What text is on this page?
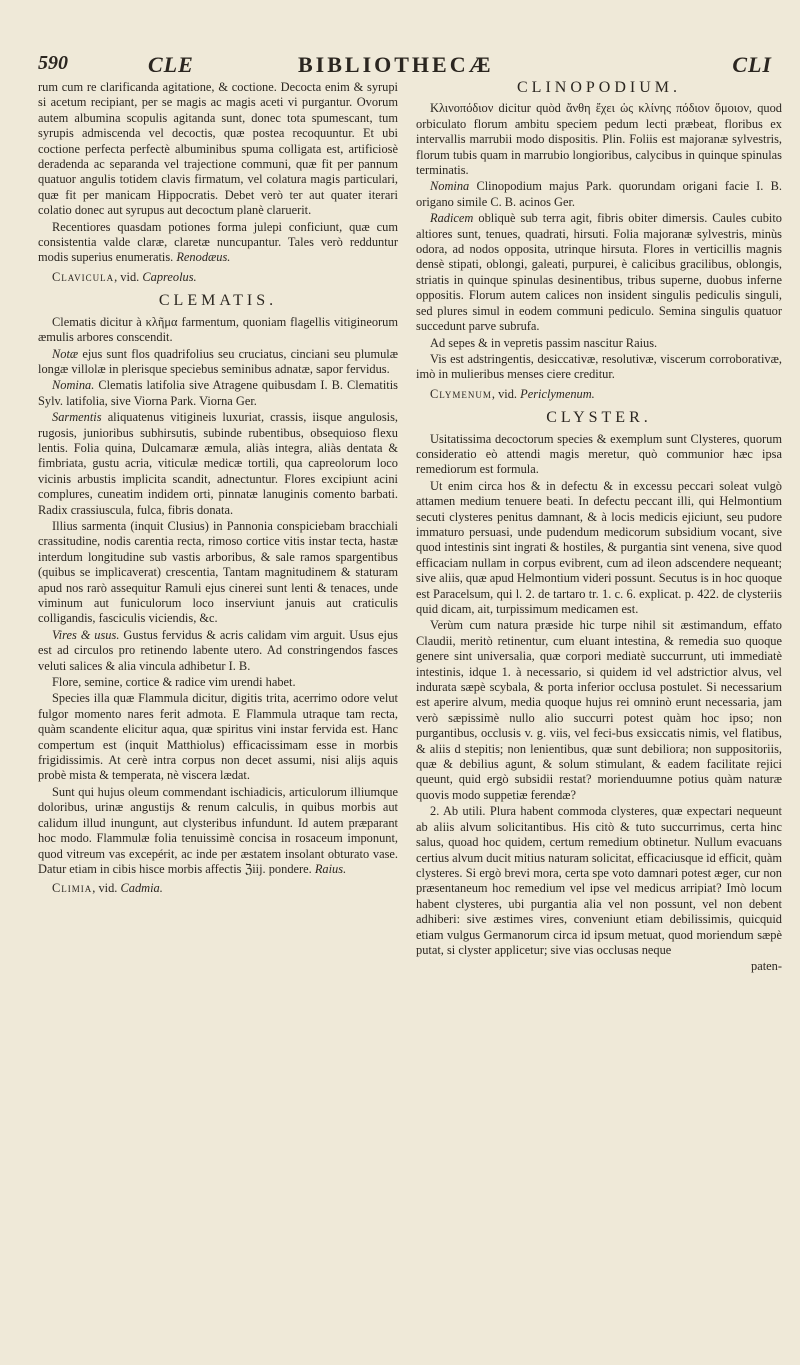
590	CLE	BIBLIOTHECÆ	CLI

rum cum re clarificanda agitatione, & coctione. Decocta enim & syrupi si acetum recipiant, per se magis ac magis aceti vi purgantur. Ovorum autem albumina scopulis agitanda sunt, donec tota spumescant, tum syrupis admiscenda vel decoctis, quæ postea recoquuntur. Et ubi coctione perfecta perfectè albuminibus spuma colligata est, artificiosè deradenda ac separanda vel trajectione communi, quæ fit per pannum quatuor angulis totidem clavis firmatum, vel colatura magis particulari, quæ fit per manicam Hippocratis. Debet verò ter aut quater iterari colatio donec aut syrupus aut decoctum planè claruerit.

Recentiores quasdam potiones forma julepi conficiunt, quæ cum consistentia valde claræ, claretæ nuncupantur. Tales verò redduntur modis superius enumeratis. Renodæus.

Clavicula, vid. Capreolus.
CLEMATIS.

Clematis dicitur à κλῆμα farmentum, quoniam flagellis vitigineorum æmulis arbores conscendit.

Notæ ejus sunt flos quadrifolius seu cruciatus, cinciani seu plumulæ longæ villolæ in plerisque speciebus seminibus adnatæ, sapor fervidus.

Nomina. Clematis latifolia sive Atragene quibusdam I. B. Clematitis Sylv. latifolia, sive Viorna Park. Viorna Ger.

Sarmentis aliquatenus vitigineis luxuriat, crassis, iisque angulosis, rugosis, junioribus subhirsutis, subinde rubentibus, obsequioso flexu lentis. Folia quina, Dulcamaræ æmula, aliàs integra, aliàs dentata & fimbriata, gustu acria, viticulæ medicæ tortili, qua capreolorum loco vicinis arbustis implicita scandit, adnectuntur. Flores excipiunt acini complures, cuneatim indidem orti, pinnatæ lanuginis comento barbati. Radix crassiuscula, fulca, fibris donata.

Illius sarmenta (inquit Clusius) in Pannonia conspiciebam bracchiali crassitudine, nodis carentia recta, rimoso cortice vitis instar tecta, hastæ interdum longitudine sub vastis arboribus, & sale ramos spargentibus (quibus se implicaverat) crescentia, Tantam magnitudinem & staturam apud nos rarò assequitur Ramuli ejus cinerei sunt lenti & tenaces, unde viminum aut funiculorum loco inserviunt januis aut craticulis colligandis, fasciculis viciendis, &c.

Vires & usus. Gustus fervidus & acris calidam vim arguit. Usus ejus est ad circulos pro retinendo labente utero. Ad constringendos fasces veluti salices & alia vincula adhibetur I. B.

Flore, semine, cortice & radice vim urendi habet.

Species illa quæ Flammula dicitur, digitis trita, acerrimo odore velut fulgor momento nares ferit admota. E Flammula utraque tam recta, quàm scandente elicitur aqua, quæ spiritus vini instar fervida est. Hanc compertum est (inquit Matthiolus) efficacissimam esse in morbis frigidissimis. At cerè intra corpus non decet assumi, nisi alijs aquis probè mista & temperata, nè viscera lædat.

Sunt qui hujus oleum commendant ischiadicis, articulorum illiumque doloribus, urinæ angustijs & renum calculis, in quibus morbis aut calidum illud inungunt, aut clysteribus infundunt. Id autem præparant hoc modo. Flammulæ folia tenuissimè concisa in rosaceum imponunt, quod vitreum vas excepérit, ac inde per æstatem insolant obturato vase. Datur etiam in cibis hisce morbis affectis ℨiij. pondere. Raius.

Climia, vid. Cadmia.
CLINOPODIUM.

Κλινοπόδιον dicitur quòd ἄνθη ἔχει ὡς κλίνης πόδιον ὅμοιον, quod orbiculato florum ambitu speciem pedum lecti præbeat, floribus ex intervallis marrubii modo dispositis. Plin. Foliis est majoranæ sylvestris, florum tubis quam in marrubio longioribus, calycibus in quinque spinulas terminatis.

Nomina Clinopodium majus Park. quorundam origani facie I. B. origano simile C. B. acinos Ger.

Radicem obliquè sub terra agit, fibris obiter dimersis. Caules cubito altiores sunt, tenues, quadrati, hirsuti. Folia majoranæ sylvestris, minùs odora, ad nodos opposita, utrinque hirsuta. Flores in verticillis magnis densè stipati, oblongi, galeati, purpurei, è calicibus gracilibus, oblongis, striatis in quinque spinulas desinentibus, tribus superne, duobus inferne oppositis. Florum autem calices non insident singulis pediculis singuli, sed plures simul in eodem communi pediculo. Semina singulis quatuor succedunt parve subrufa.

Ad sepes & in vepretis passim nascitur Raius.

Vis est adstringentis, desiccativæ, resolutivæ, viscerum corroborativæ, imò in mulieribus menses ciere creditur.

Clymenum, vid. Periclymenum.
CLYSTER.

Usitatissima decoctorum species & exemplum sunt Clysteres, quorum consideratio eò attendi magis meretur, quò communior hæc ipsa remediorum est formula.

Ut enim circa hos & in defectu & in excessu peccari soleat vulgò attamen medium tenuere beati. In defectu peccant illi, qui Helmontium secuti clysteres penitus damnant, & à locis medicis ejiciunt, seu pudore immaturo persuasi, unde pudendum medicorum subsidium vocant, sive quod intestinis sint ingrati & hostiles, & purgantia sint venena, sive quod efficaciam nullam in corpus evibrent, cum ad ileon adscendere nequeant; sive aliis, quæ apud Helmontium videri possunt. Secutus is in hoc quoque est Paracelsum, qui l. 2. de tartaro tr. 1. c. 6. explicat. p. 422. de clysteriis quid dicam, ait, turpissimum medicamen est.

Verùm cum natura præside hic turpe nihil sit æstimandum, effato Claudii, meritò retinentur, cum eluant intestina, & remedia suo quoque genere sint universalia, quæ corpori mediatè succurrunt, uti immediatè intestinis, idque 1. à necessario, si quidem id vel adstrictior alvus, vel indurata sæpè scybala, & porta inferior occlusa postulet. Si necessarium est aperire alvum, media quoque hujus rei omninò erunt necessaria, jam verò sæpissimè nullo alio succurri potest quàm hoc ipso; non purgantibus, occlusis v. g. viis, vel feci-bus exsiccatis nimis, vel flatibus, & aliis d stepitis; non lenientibus, quæ sunt debiliora; non suppositoriis, quæ & debilius agunt, & solum stimulant, & eadem facilitate rejici queunt, quid ergò subsidii restat? morienduumne potius quàm naturæ quovis modo suppetiæ ferendæ?

2. Ab utili. Plura habent commoda clysteres, quæ expectari nequeunt ab aliis alvum solicitantibus. His citò & tuto succurrimus, certa hinc salus, quoad hoc quidem, certum remedium obtinetur. Nullum evacuans certius alvum ducit mitius naturam solicitat, efficaciusque id efficit, quàm clysteres. Si ergò brevi mora, certa spe voto damnari potest æger, cur non præsentaneum hoc remedium vel ipse vel medicus arripiat? Imò locum habent clysteres, ubi purgantia alia vel non possunt, vel non debent adhiberi: sive æstimes vires, conveniunt etiam debilissimis, quicquid etiam vulgus Germanorum circa id ipsum metuat, quod moriendum sæpè putat, si clyster applicetur; sive vias occlusas neque

paten-
